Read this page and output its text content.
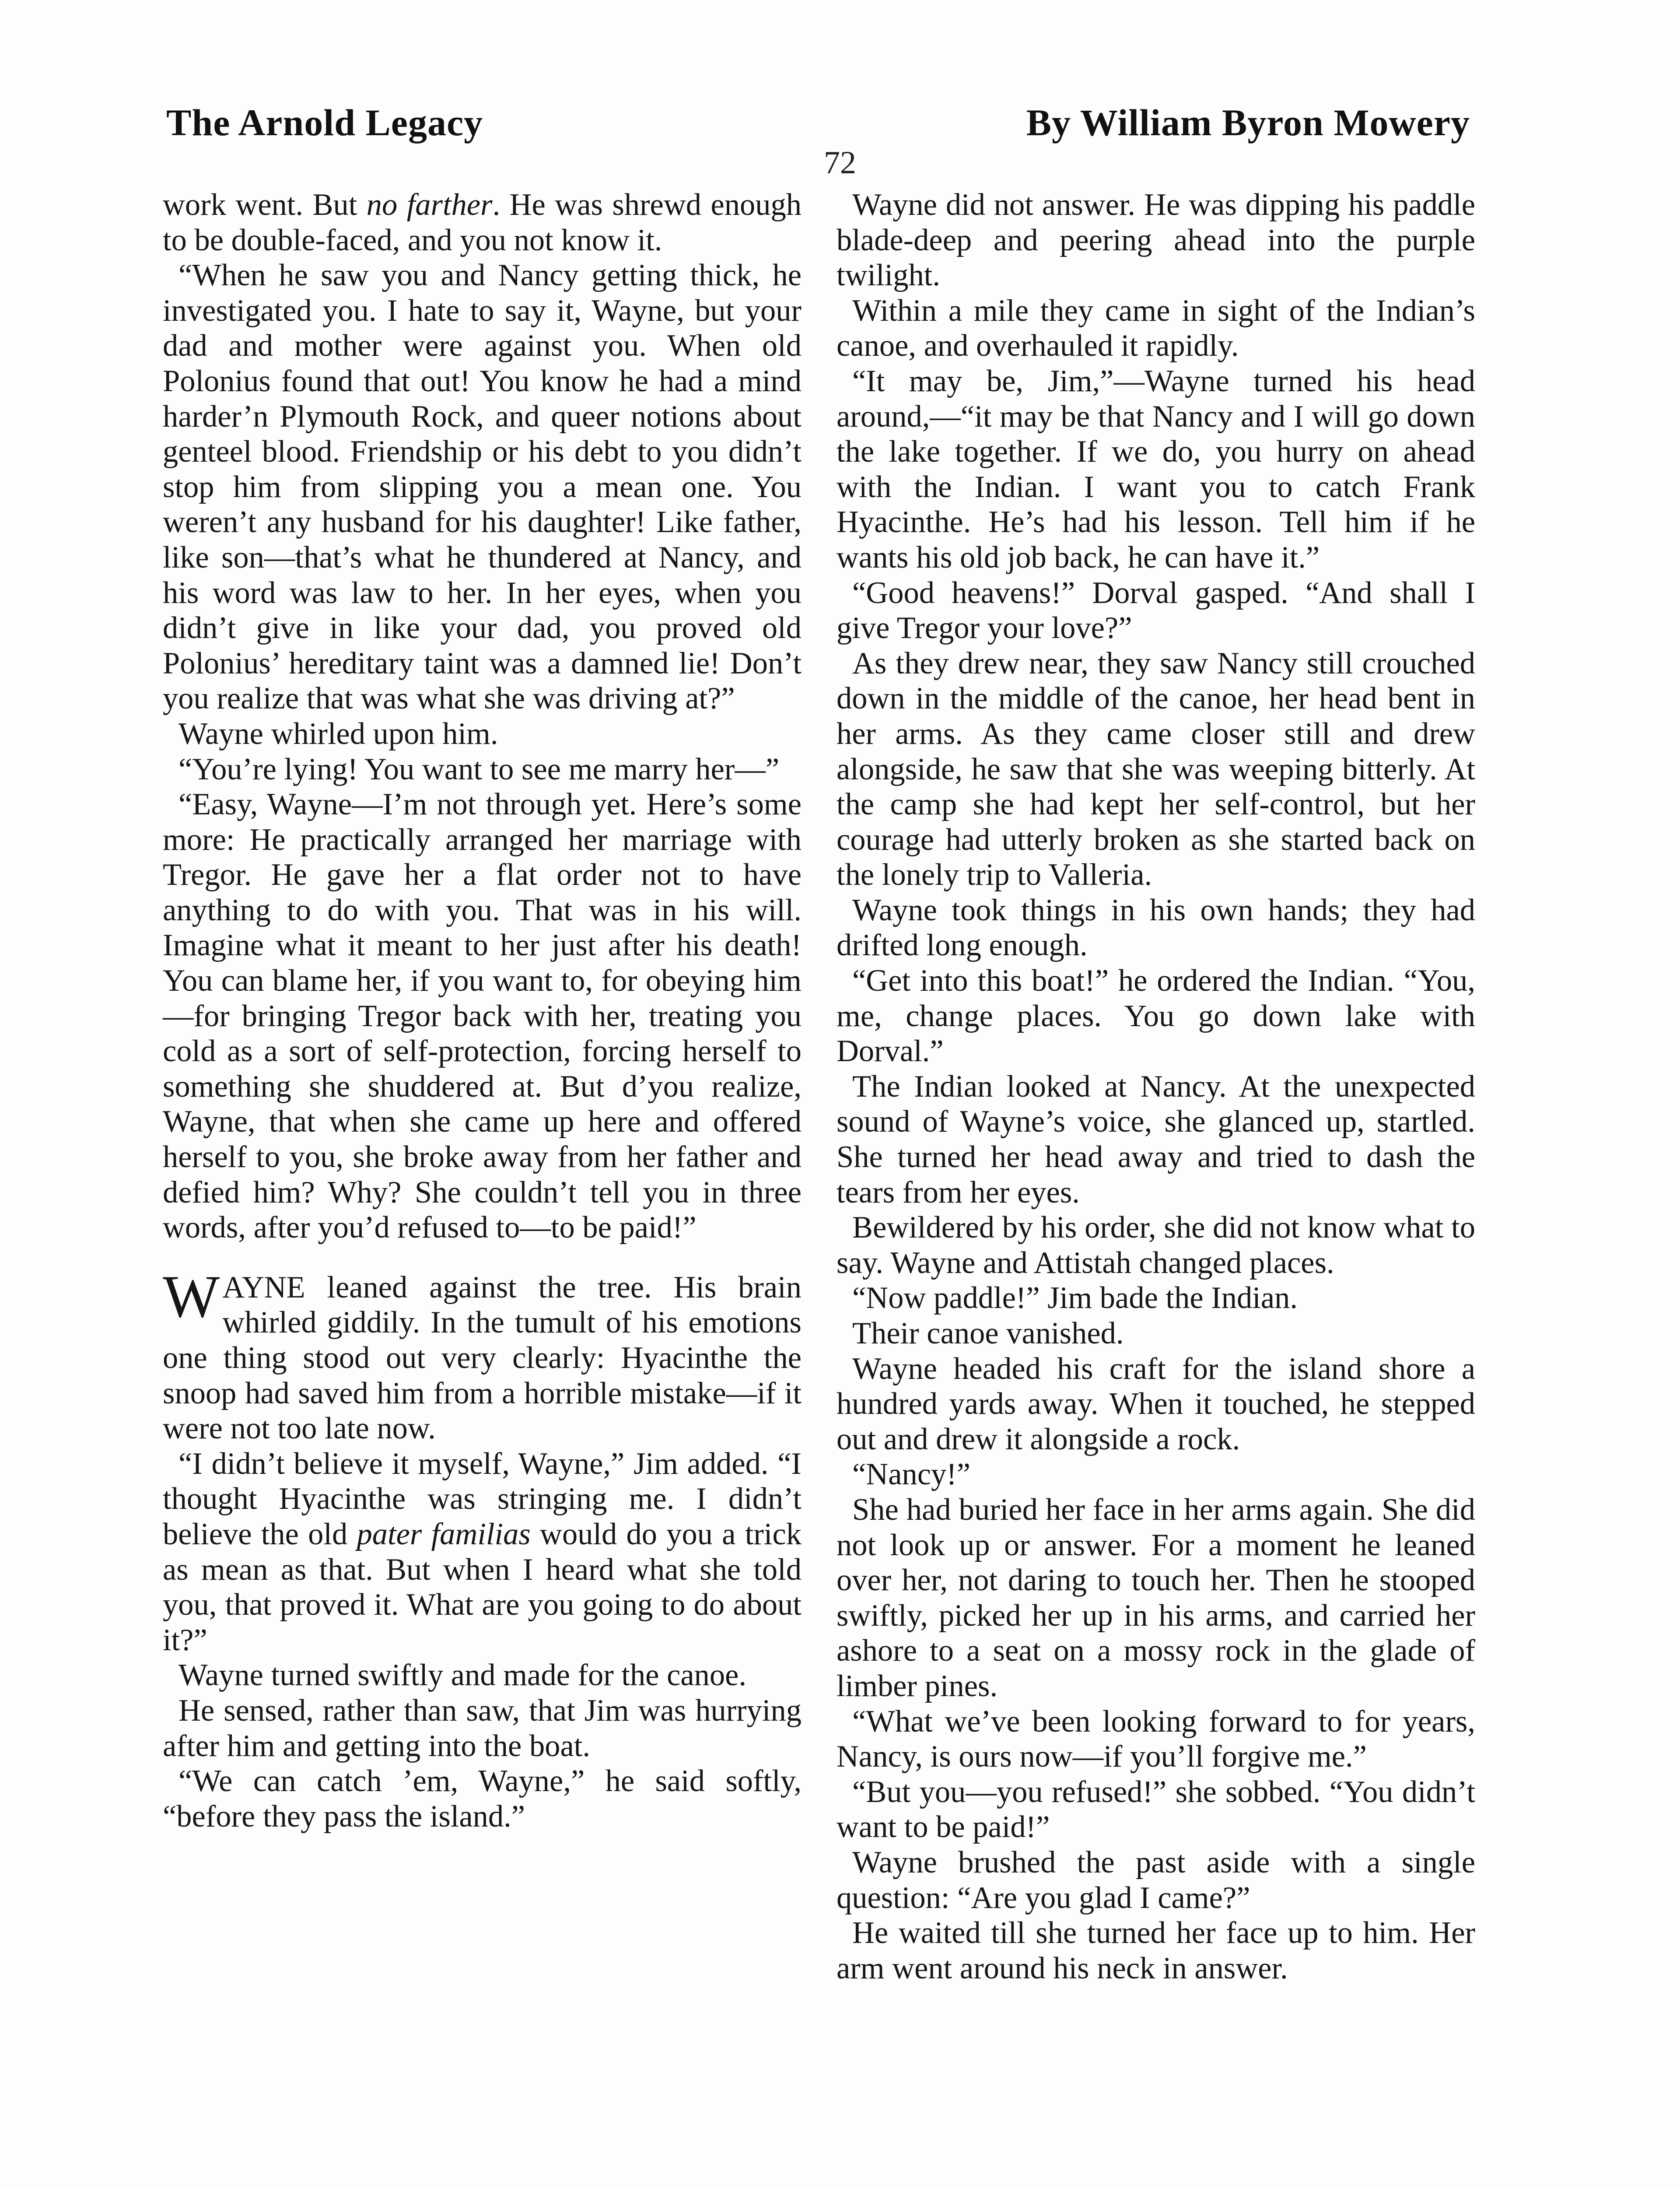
The Arnold Legacy	By William Byron Mowery
72

work went. But no farther. He was shrewd enough to be double-faced, and you not know it.

“When he saw you and Nancy getting thick, he investigated you. I hate to say it, Wayne, but your dad and mother were against you. When old Polonius found that out! You know he had a mind harder’n Plymouth Rock, and queer notions about genteel blood. Friendship or his debt to you didn’t stop him from slipping you a mean one. You weren’t any husband for his daughter! Like father, like son—that’s what he thundered at Nancy, and his word was law to her. In her eyes, when you didn’t give in like your dad, you proved old Polonius’ hereditary taint was a damned lie! Don’t you realize that was what she was driving at?”

Wayne whirled upon him.

“You’re lying! You want to see me marry her—”

“Easy, Wayne—I’m not through yet. Here’s some more: He practically arranged her marriage with Tregor. He gave her a flat order not to have anything to do with you. That was in his will. Imagine what it meant to her just after his death! You can blame her, if you want to, for obeying him—for bringing Tregor back with her, treating you cold as a sort of self-protection, forcing herself to something she shuddered at. But d’you realize, Wayne, that when she came up here and offered herself to you, she broke away from her father and defied him? Why? She couldn’t tell you in three words, after you’d refused to—to be paid!”

WAYNE leaned against the tree. His brain whirled giddily. In the tumult of his emotions one thing stood out very clearly: Hyacinthe the snoop had saved him from a horrible mistake—if it were not too late now.

“I didn’t believe it myself, Wayne,” Jim added. “I thought Hyacinthe was stringing me. I didn’t believe the old pater familias would do you a trick as mean as that. But when I heard what she told you, that proved it. What are you going to do about it?”

Wayne turned swiftly and made for the canoe.

He sensed, rather than saw, that Jim was hurrying after him and getting into the boat.

“We can catch ’em, Wayne,” he said softly, “before they pass the island.”

Wayne did not answer. He was dipping his paddle blade-deep and peering ahead into the purple twilight.

Within a mile they came in sight of the Indian’s canoe, and overhauled it rapidly.

“It may be, Jim,”—Wayne turned his head around,—“it may be that Nancy and I will go down the lake together. If we do, you hurry on ahead with the Indian. I want you to catch Frank Hyacinthe. He’s had his lesson. Tell him if he wants his old job back, he can have it.”

“Good heavens!” Dorval gasped. “And shall I give Tregor your love?”

As they drew near, they saw Nancy still crouched down in the middle of the canoe, her head bent in her arms. As they came closer still and drew alongside, he saw that she was weeping bitterly. At the camp she had kept her self-control, but her courage had utterly broken as she started back on the lonely trip to Valleria.

Wayne took things in his own hands; they had drifted long enough.

“Get into this boat!” he ordered the Indian. “You, me, change places. You go down lake with Dorval.”

The Indian looked at Nancy. At the unexpected sound of Wayne’s voice, she glanced up, startled. She turned her head away and tried to dash the tears from her eyes.

Bewildered by his order, she did not know what to say. Wayne and Attistah changed places.

“Now paddle!” Jim bade the Indian.

Their canoe vanished.

Wayne headed his craft for the island shore a hundred yards away. When it touched, he stepped out and drew it alongside a rock.

“Nancy!”

She had buried her face in her arms again. She did not look up or answer. For a moment he leaned over her, not daring to touch her. Then he stooped swiftly, picked her up in his arms, and carried her ashore to a seat on a mossy rock in the glade of limber pines.

“What we’ve been looking forward to for years, Nancy, is ours now—if you’ll forgive me.”

“But you—you refused!” she sobbed. “You didn’t want to be paid!”

Wayne brushed the past aside with a single question: “Are you glad I came?”

He waited till she turned her face up to him. Her arm went around his neck in answer.
